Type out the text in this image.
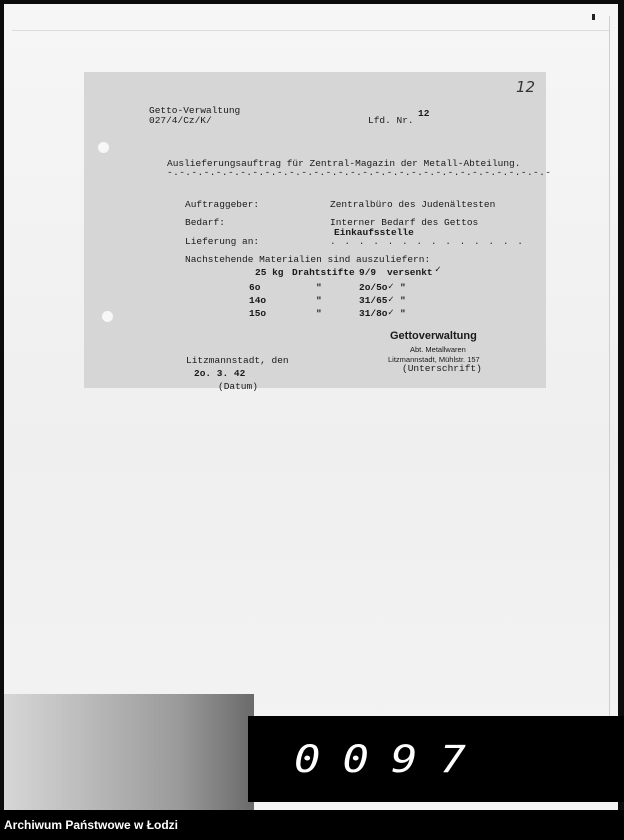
Getto-Verwaltung
027/4/Cz/K/	Lfd. Nr.
12
12
Auslieferungsauftrag für Zentral-Magazin der Metall-Abteilung.
-.-.-.-.-.-.-.-.-.-.-.-.-.-.-.-.-.-.-.-.-.-.-.-.-.-.-.-.-.-.-.-
Auftraggeber:	Zentralbüro des Judenältesten
Bedarf:	Interner Bedarf des Gettos
Einkaufsstelle
Lieferung an:	. . . . . . . . . . . . . .
Nachstehende Materialien sind auszuliefern:
25 kg Drahtstifte 9/9 versenkt ✓
6o	"	2o/5o ✓ "
14o	"	31/65 ✓ "
15o	"	31/8o ✓ "
Gettoverwaltung
Abt. Metallwaren
Litzmannstadt, Mühlstr. 157
(Unterschrift)
Litzmannstadt, den
2o. 3. 42
(Datum)
0097
Archiwum Państwowe w Łodzi
